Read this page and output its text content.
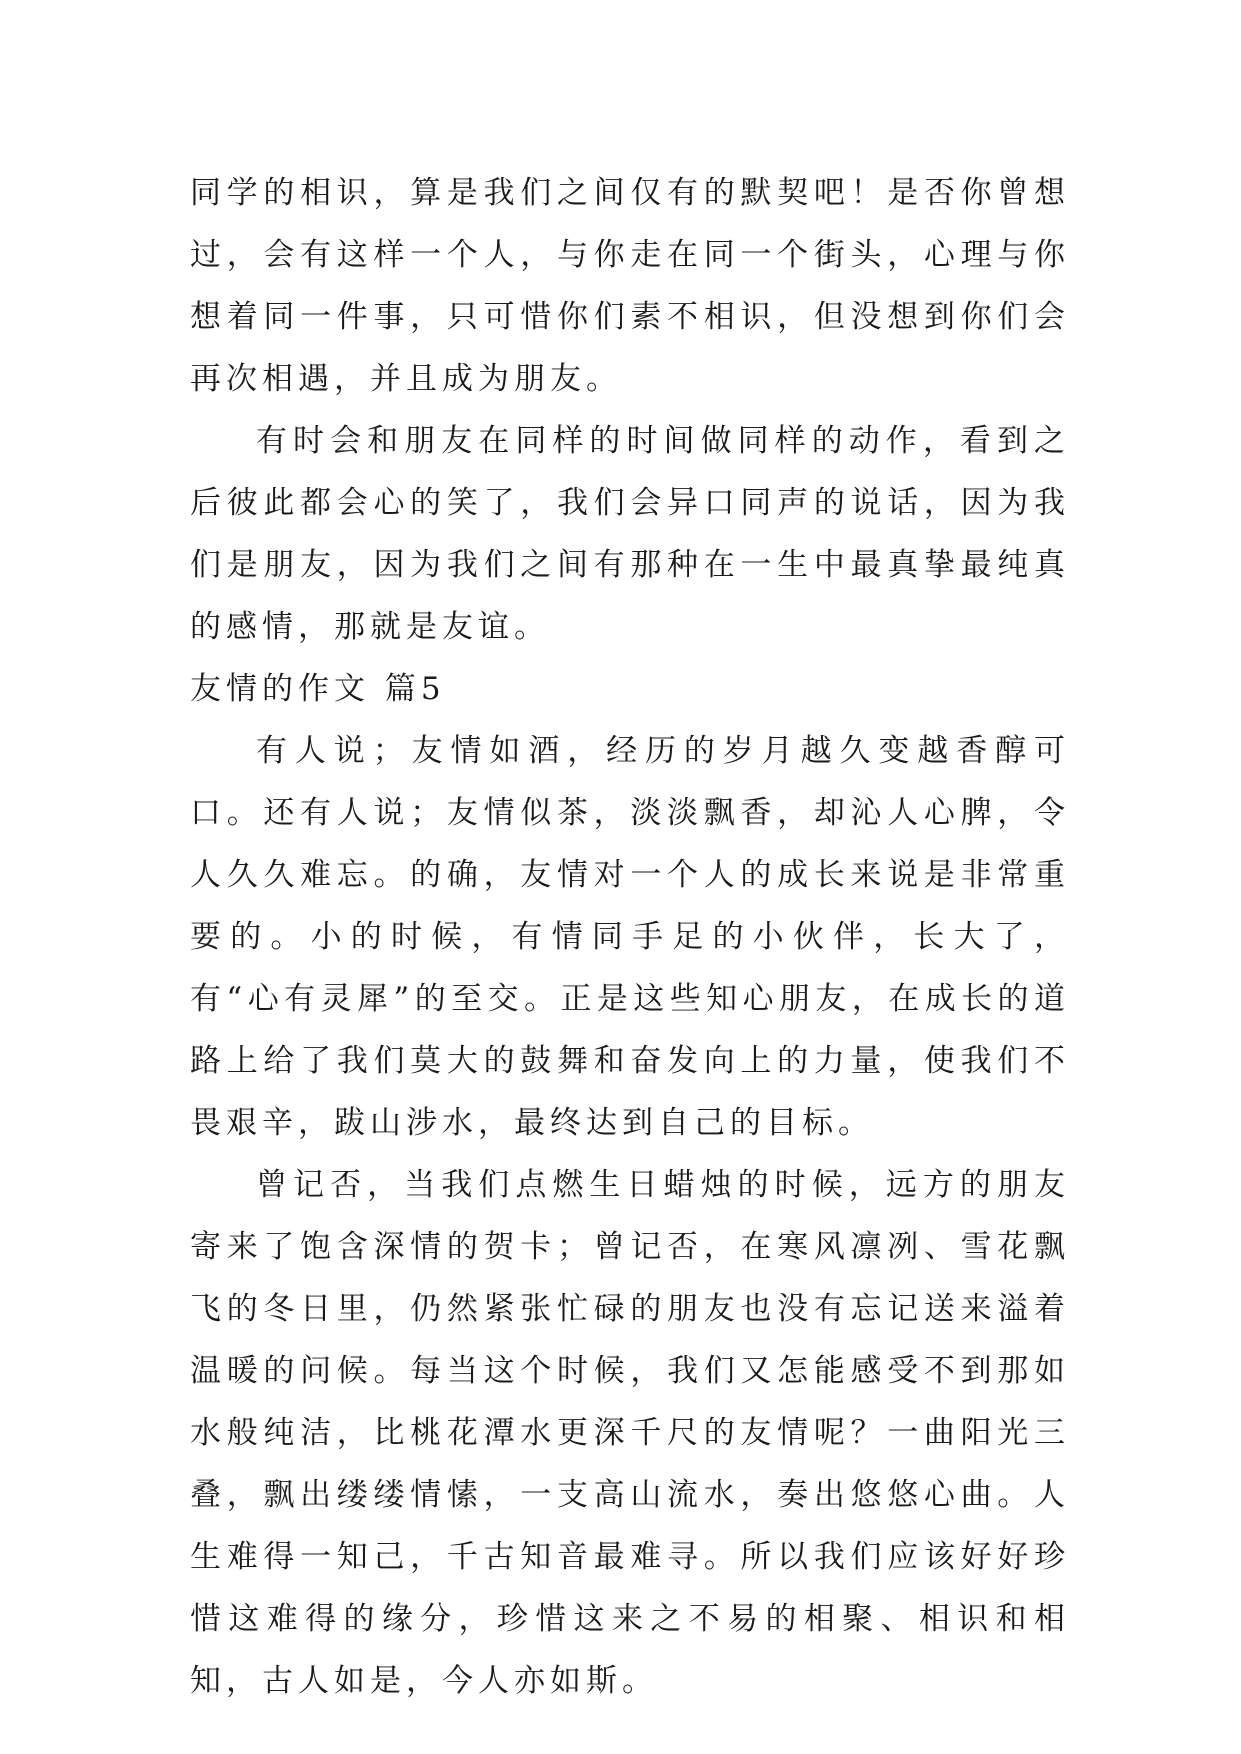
同学的相识，算是我们之间仅有的默契吧！是否你曾想过，会有这样一个人，与你走在同一个街头，心理与你想着同一件事，只可惜你们素不相识，但没想到你们会再次相遇，并且成为朋友。

有时会和朋友在同样的时间做同样的动作，看到之后彼此都会心的笑了，我们会异口同声的说话，因为我们是朋友，因为我们之间有那种在一生中最真挚最纯真的感情，那就是友谊。

友情的作文 篇5

有人说；友情如酒，经历的岁月越久变越香醇可口。还有人说；友情似茶，淡淡飘香，却沁人心脾，令人久久难忘。的确，友情对一个人的成长来说是非常重要的。小的时候，有情同手足的小伙伴，长大了，有“心有灵犀”的至交。正是这些知心朋友，在成长的道路上给了我们莫大的鼓舞和奋发向上的力量，使我们不畏艰辛，跋山涉水，最终达到自己的目标。

曾记否，当我们点燃生日蜡烛的时候，远方的朋友寄来了饱含深情的贺卡；曾记否，在寒风凛冽、雪花飘飞的冬日里，仍然紧张忙碌的朋友也没有忘记送来溢着温暖的问候。每当这个时候，我们又怎能感受不到那如水般纯洁，比桃花潭水更深千尺的友情呢？一曲阳光三叠，飘出缕缕情愫，一支高山流水，奏出悠悠心曲。人生难得一知己，千古知音最难寻。所以我们应该好好珍惜这难得的缘分，珍惜这来之不易的相聚、相识和相知，古人如是，今人亦如斯。
